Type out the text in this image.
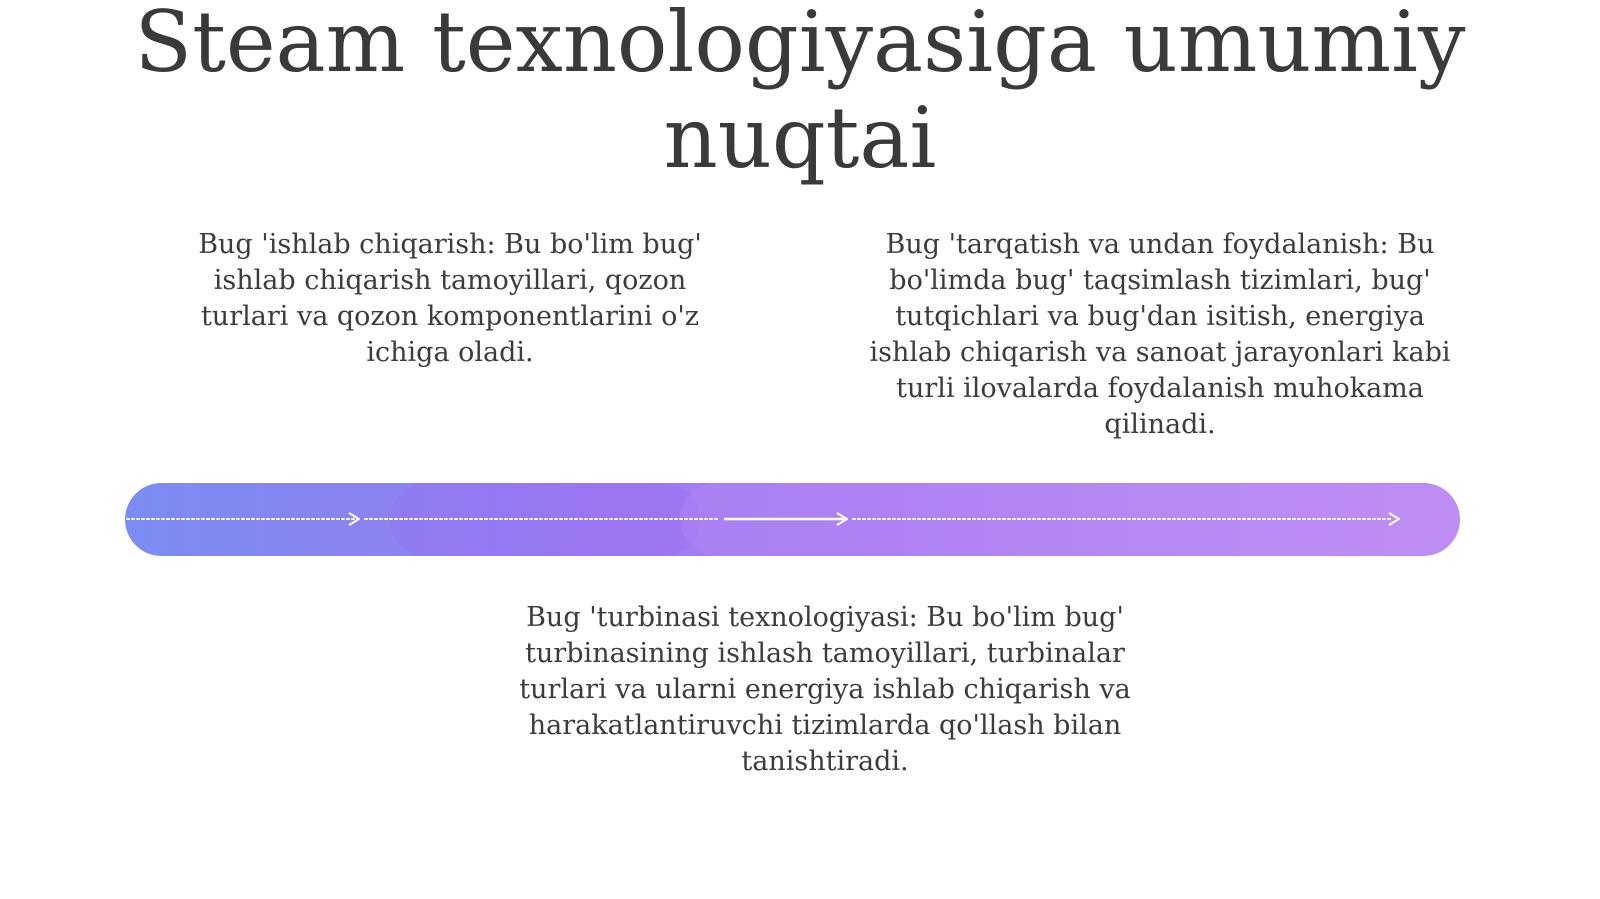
Steam texnologiyasiga umumiy nuqtai

Bug 'ishlab chiqarish: Bu bo'lim bug' ishlab chiqarish tamoyillari, qozon turlari va qozon komponentlarini o'z ichiga oladi.

Bug 'tarqatish va undan foydalanish: Bu bo'limda bug' taqsimlash tizimlari, bug' tutqichlari va bug'dan isitish, energiya ishlab chiqarish va sanoat jarayonlari kabi turli ilovalarda foydalanish muhokama qilinadi.

Bug 'turbinasi texnologiyasi: Bu bo'lim bug' turbinasining ishlash tamoyillari, turbinalar turlari va ularni energiya ishlab chiqarish va harakatlantiruvchi tizimlarda qo'llash bilan tanishtiradi.
